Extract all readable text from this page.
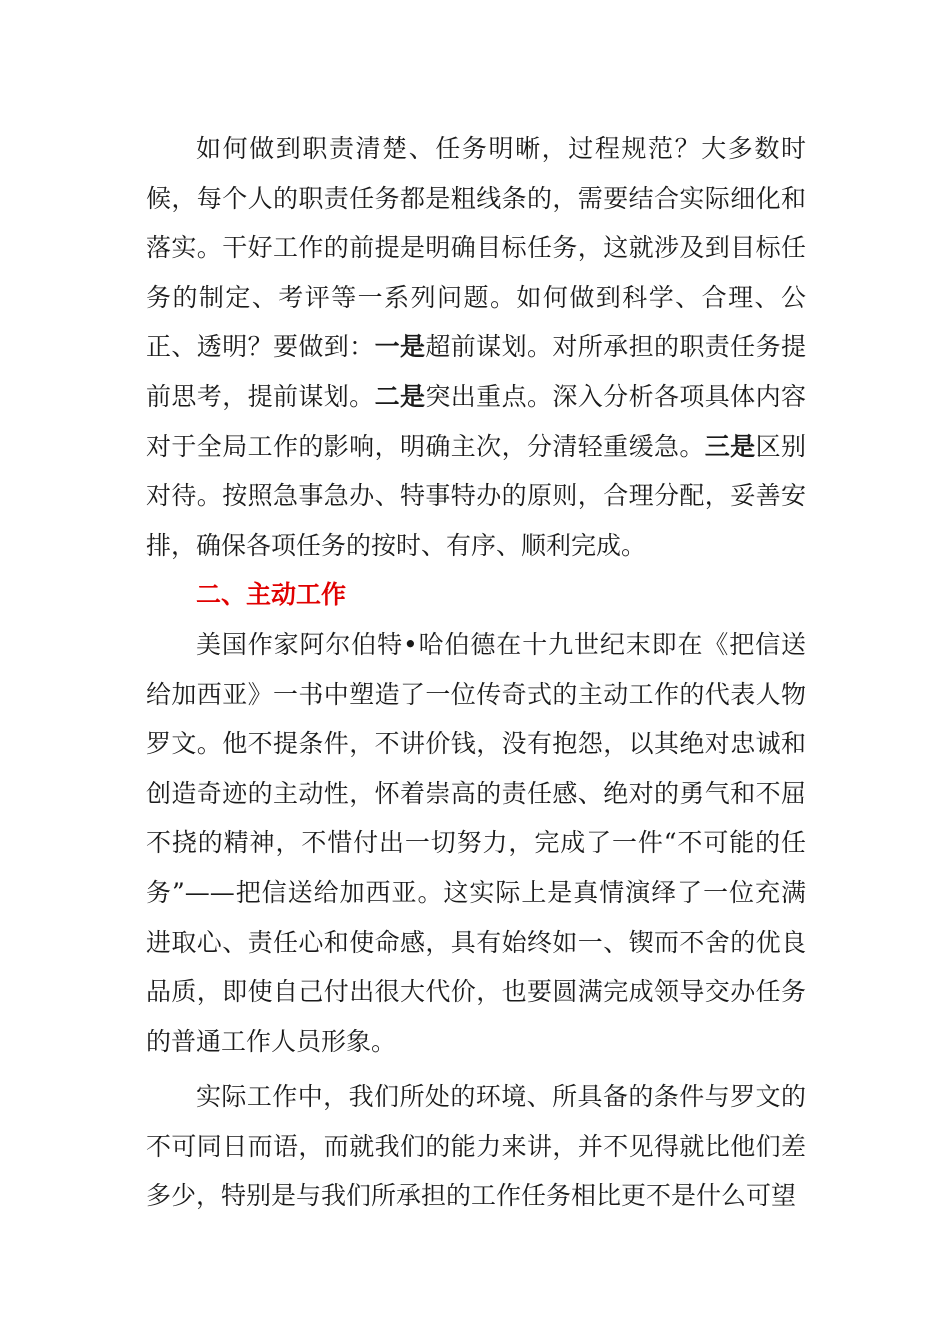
如何做到职责清楚、任务明晰，过程规范？大多数时候，每个人的职责任务都是粗线条的，需要结合实际细化和落实。干好工作的前提是明确目标任务，这就涉及到目标任务的制定、考评等一系列问题。如何做到科学、合理、公正、透明？要做到：一是超前谋划。对所承担的职责任务提前思考，提前谋划。二是突出重点。深入分析各项具体内容对于全局工作的影响，明确主次，分清轻重缓急。三是区别对待。按照急事急办、特事特办的原则，合理分配，妥善安排，确保各项任务的按时、有序、顺利完成。

二、主动工作

美国作家阿尔伯特•哈伯德在十九世纪末即在《把信送给加西亚》一书中塑造了一位传奇式的主动工作的代表人物罗文。他不提条件，不讲价钱，没有抱怨，以其绝对忠诚和创造奇迹的主动性，怀着崇高的责任感、绝对的勇气和不屈不挠的精神，不惜付出一切努力，完成了一件“不可能的任务”——把信送给加西亚。这实际上是真情演绎了一位充满进取心、责任心和使命感，具有始终如一、锲而不舍的优良品质，即使自己付出很大代价，也要圆满完成领导交办任务的普通工作人员形象。

实际工作中，我们所处的环境、所具备的条件与罗文的不可同日而语，而就我们的能力来讲，并不见得就比他们差多少，特别是与我们所承担的工作任务相比更不是什么可望
